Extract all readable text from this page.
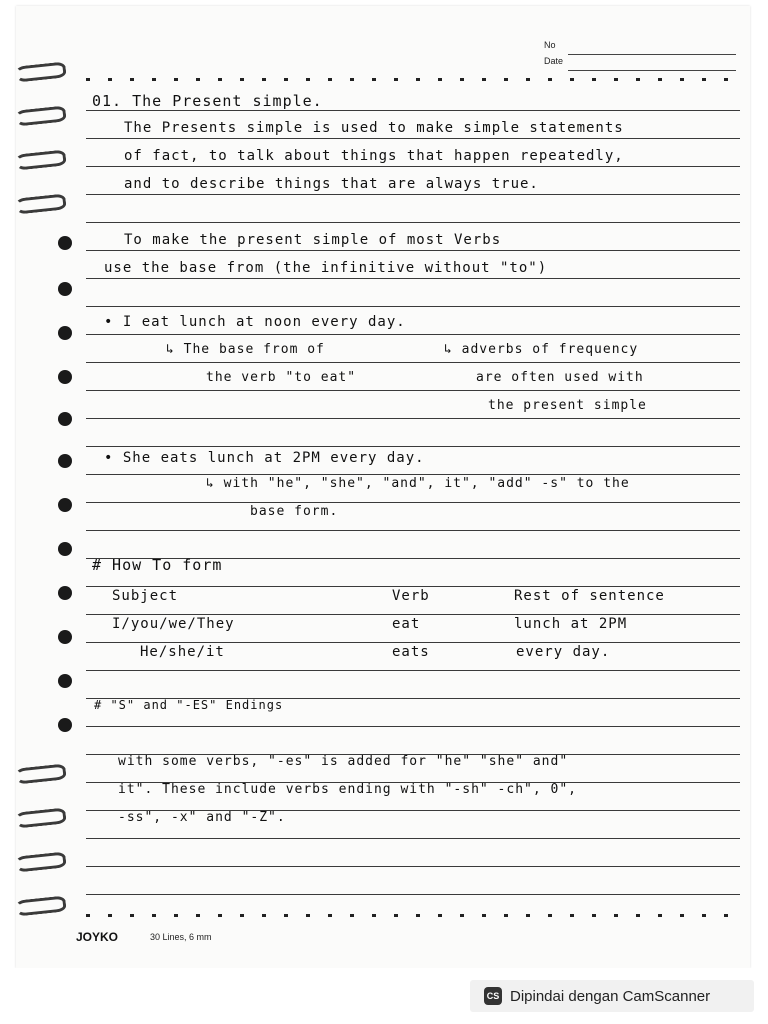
No
Date
01. The Present simple.
The Presents simple is used to make simple statements
of fact, to talk about things that happen repeatedly,
and to describe things that are always true.
To make the present simple of most Verbs
use the base from (the infinitive without "to")
• I eat lunch at noon every day.
↳ The base from of
the verb "to eat"
↳ adverbs of frequency
are often used with
the present simple
• She eats lunch at 2PM every day.
↳ with "he", "she", "and", it", "add" -s" to the
base form.
# How To form
Subject	Verb	Rest of sentence
I/you/we/They	eat	lunch at 2PM
He/she/it	eats	every day.
# "S" and "-ES" Endings
with some verbs, "-es" is added for "he" "she" and"
it". These include verbs ending with "-sh" -ch", 0",
-ss", -x" and "-Z".
JOYKO	30 Lines, 6 mm
CS Dipindai dengan CamScanner
